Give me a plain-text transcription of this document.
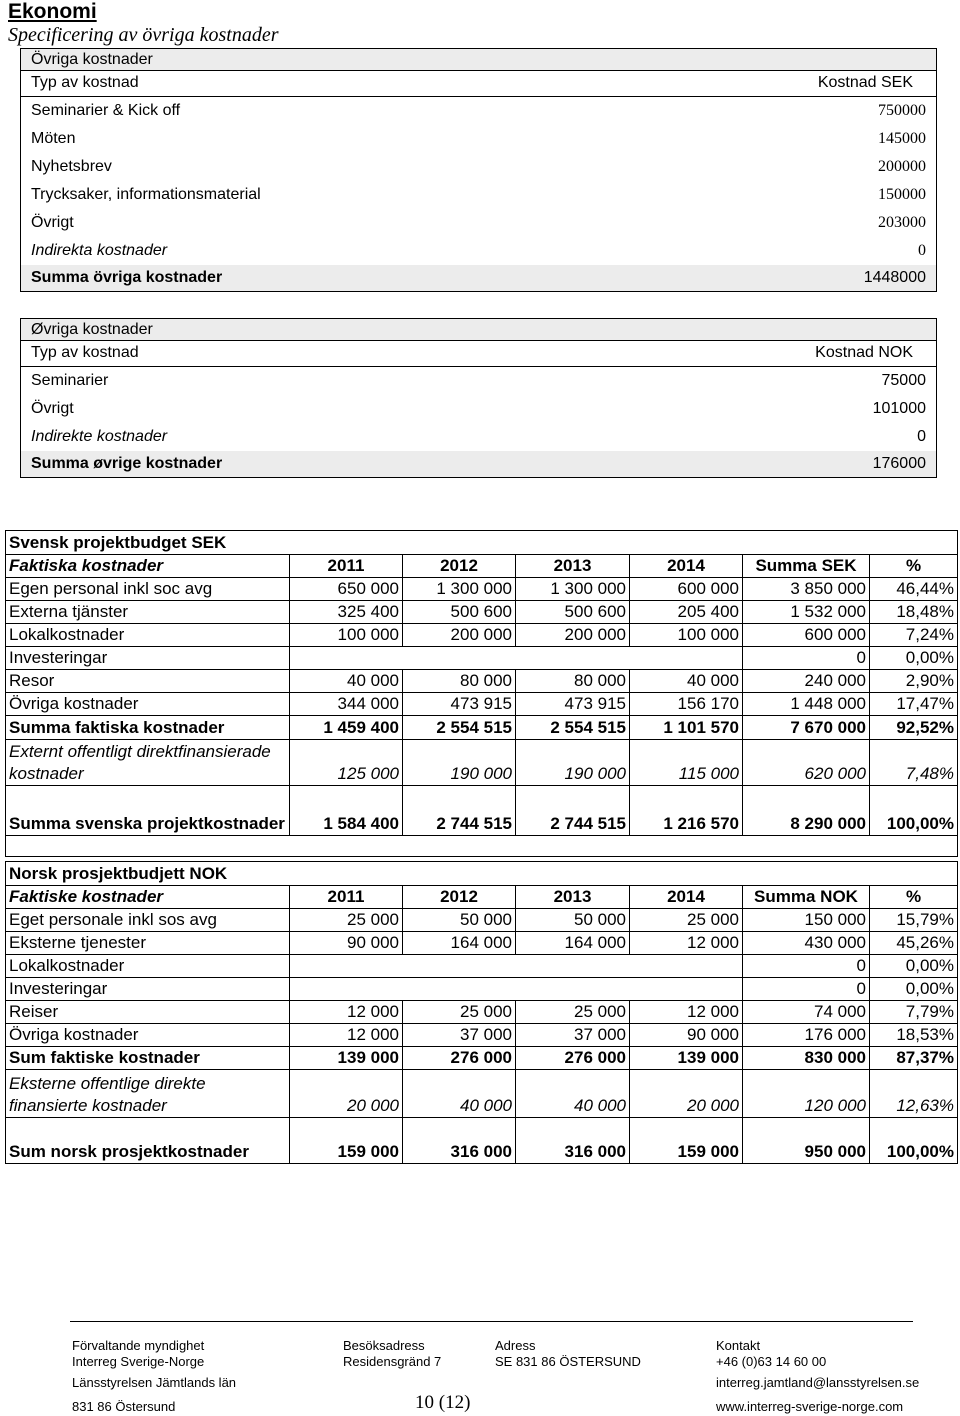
Ekonomi
Specificering av övriga kostnader
Övriga kostnader
Typ av kostnad	Kostnad SEK
Seminarier & Kick off	750000
Möten	145000
Nyhetsbrev	200000
Trycksaker, informationsmaterial	150000
Övrigt	203000
Indirekta kostnader	0
Summa övriga kostnader	1448000
Øvriga kostnader
Typ av kostnad	Kostnad NOK
Seminarier	75000
Övrigt	101000
Indirekte kostnader	0
Summa øvrige kostnader	176000
Svensk projektbudget SEK						
Faktiska kostnader	2011	2012	2013	2014	Summa SEK	%
Egen personal inkl soc avg	650 000	1 300 000	1 300 000	600 000	3 850 000	46,44%
Externa tjänster	325 400	500 600	500 600	205 400	1 532 000	18,48%
Lokalkostnader	100 000	200 000	200 000	100 000	600 000	7,24%
Investeringar					0	0,00%
Resor	40 000	80 000	80 000	40 000	240 000	2,90%
Övriga kostnader	344 000	473 915	473 915	156 170	1 448 000	17,47%
Summa faktiska kostnader	1 459 400	2 554 515	2 554 515	1 101 570	7 670 000	92,52%
Externt offentligt direktfinansierade kostnader	125 000	190 000	190 000	115 000	620 000	7,48%
Summa svenska projektkostnader	1 584 400	2 744 515	2 744 515	1 216 570	8 290 000	100,00%

Norsk prosjektbudjett NOK						
Faktiske kostnader	2011	2012	2013	2014	Summa NOK	%
Eget personale inkl sos avg	25 000	50 000	50 000	25 000	150 000	15,79%
Eksterne tjenester	90 000	164 000	164 000	12 000	430 000	45,26%
Lokalkostnader					0	0,00%
Investeringar					0	0,00%
Reiser	12 000	25 000	25 000	12 000	74 000	7,79%
Övriga kostnader	12 000	37 000	37 000	90 000	176 000	18,53%
Sum faktiske kostnader	139 000	276 000	276 000	139 000	830 000	87,37%
Eksterne offentlige direkte finansierte kostnader	20 000	40 000	40 000	20 000	120 000	12,63%
Sum norsk prosjektkostnader	159 000	316 000	316 000	159 000	950 000	100,00%
Förvaltande myndighet
Interreg Sverige-Norge
Länsstyrelsen Jämtlands län
831 86 Östersund
Besöksadress
Residensgränd 7
Adress
SE 831 86 ÖSTERSUND
Kontakt
+46 (0)63 14 60 00
interreg.jamtland@lansstyrelsen.se
www.interreg-sverige-norge.com
10 (12)
